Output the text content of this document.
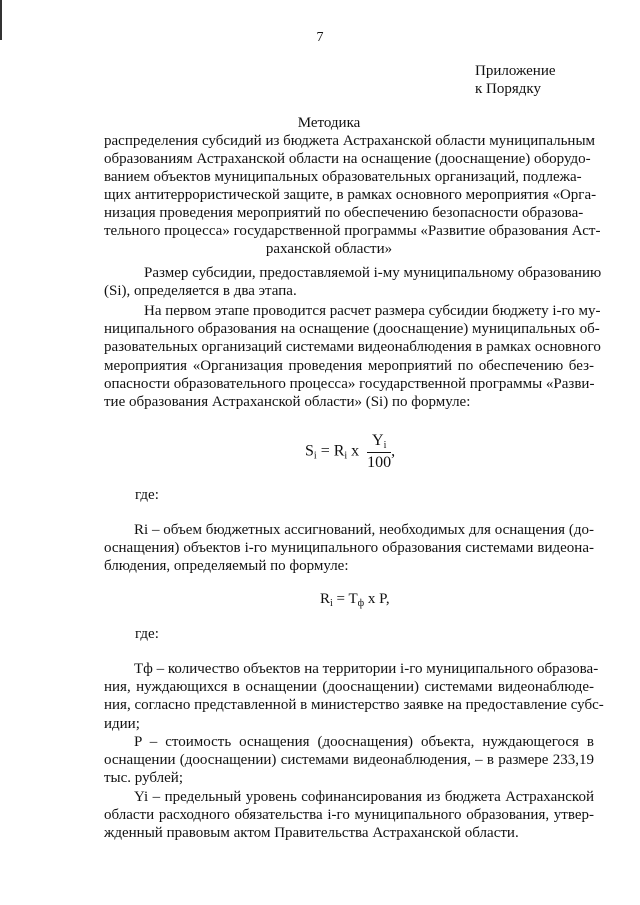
7
Приложение
к Порядку
Методика
распределения субсидий из бюджета Астраханской области муниципальным
образованиям Астраханской области на оснащение (дооснащение) оборудо-
ванием объектов муниципальных образовательных организаций, подлежа-
щих антитеррористической защите, в рамках основного мероприятия «Орга-
низация проведения мероприятий по обеспечению безопасности образова-
тельного процесса» государственной программы «Развитие образования Аст-
раханской области»
Размер субсидии, предоставляемой i-му муниципальному образованию
(Si), определяется в два этапа.
На первом этапе проводится расчет размера субсидии бюджету i-го му-
ниципального образования на оснащение (дооснащение) муниципальных об-
разовательных организаций системами видеонаблюдения в рамках основного
мероприятия «Организация проведения мероприятий по обеспечению без-
опасности образовательного процесса» государственной программы «Разви-
тие образования Астраханской области» (Si) по формуле:
$S_i = R_i$ x $\frac{Y_i}{100}$ ,
где:
Ri – объем бюджетных ассигнований, необходимых для оснащения (до-
оснащения) объектов i-го муниципального образования системами видеона-
блюдения, определяемый по формуле:
$R_i = T_ф$ x P,
где:
Tф – количество объектов на территории i-го муниципального образова-
ния, нуждающихся в оснащении (дооснащении) системами видеонаблюде-
ния, согласно представленной в министерство заявке на предоставление субс-
идии;
P – стоимость оснащения (дооснащения) объекта, нуждающегося в
оснащении (дооснащении) системами видеонаблюдения, – в размере 233,19
тыс. рублей;
Yi – предельный уровень софинансирования из бюджета Астраханской
области расходного обязательства i-го муниципального образования, утвер-
жденный правовым актом Правительства Астраханской области.
